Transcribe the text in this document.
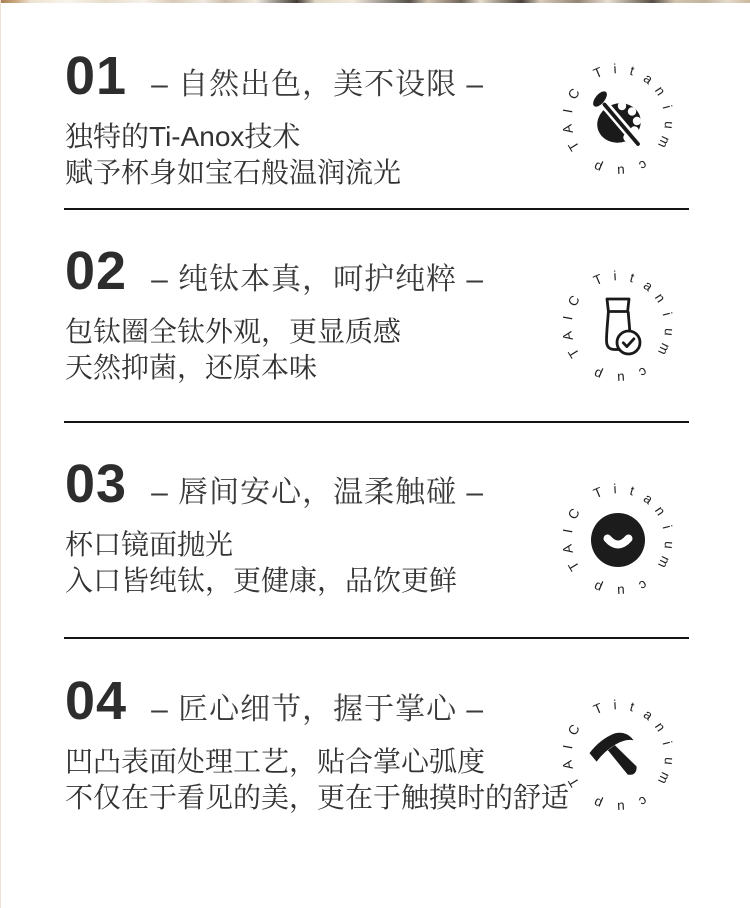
01 – 自然出色，美不设限 –

独特的Ti-Anox技术

赋予杯身如宝石般温润流光

T
A
I
C
T i t a
n
i
u
m
c
u
p
02 – 纯钛本真，呵护纯粹 –

包钛圈全钛外观，更显质感

天然抑菌，还原本味	T
A
I
C
T i t a
n
i
u
m
c
u
p
03 – 唇间安心，温柔触碰 –

杯口镜面抛光

入口皆纯钛，更健康，品饮更鲜	T
A
I
C
T i t a
n
i
u
m
c
u
p
04 – 匠心细节，握于掌心 –

凹凸表面处理工艺，贴合掌心弧度

不仅在于看见的美，更在于触摸时的舒适

T
A
I
C
T i t a
n
i
u
m
c
u
p
